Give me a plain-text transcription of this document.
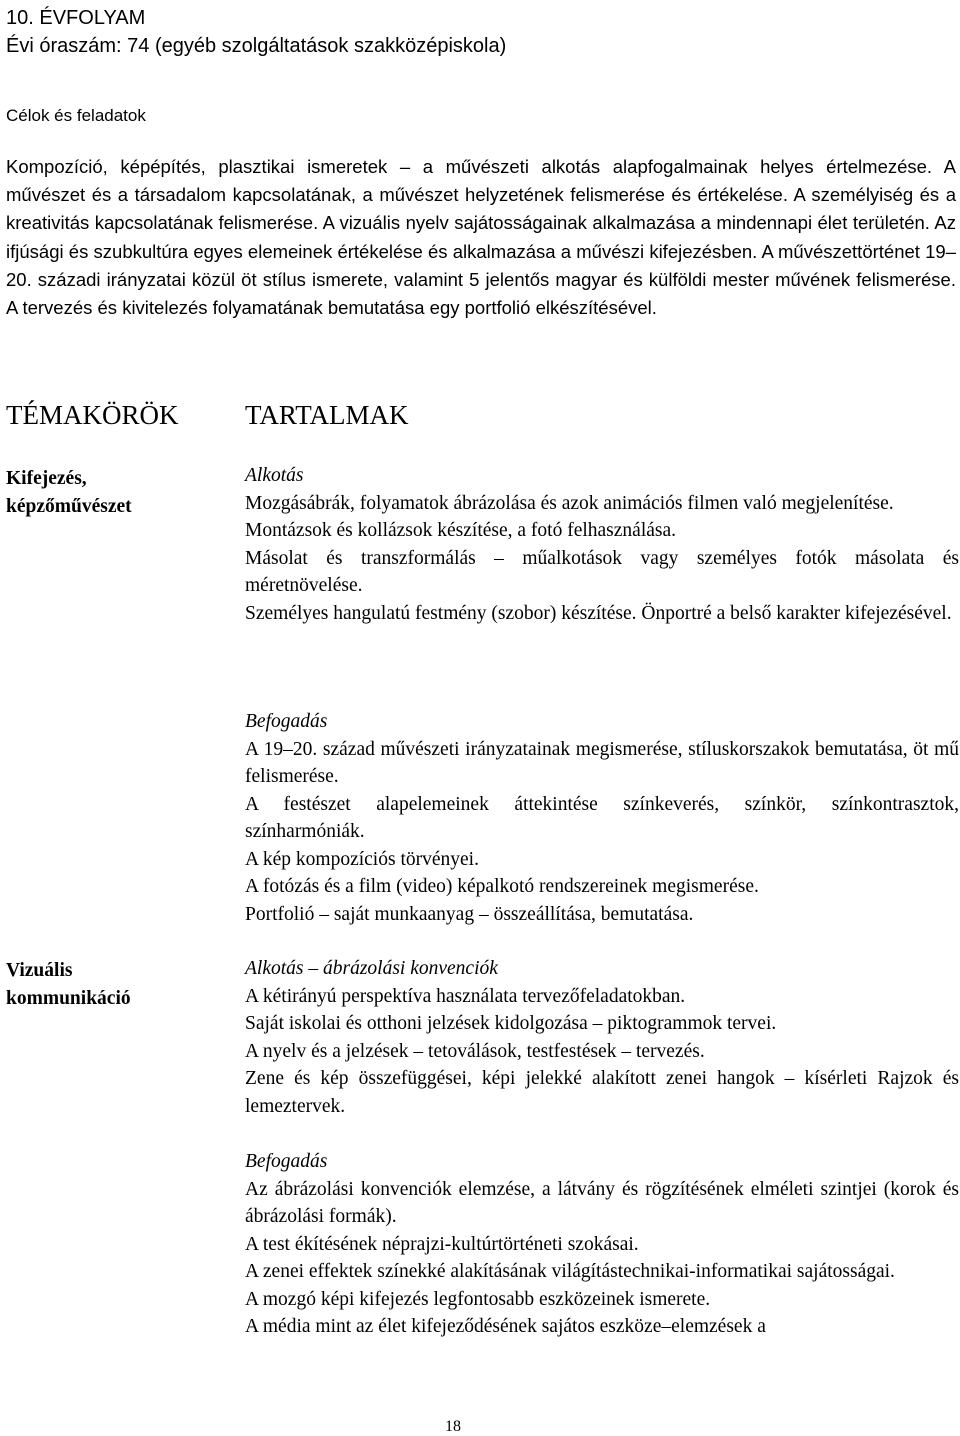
10. ÉVFOLYAM
Évi óraszám: 74 (egyéb szolgáltatások szakközépiskola)
Célok és feladatok
Kompozíció, képépítés, plasztikai ismeretek – a művészeti alkotás alapfogalmainak helyes értelmezése. A művészet és a társadalom kapcsolatának, a művészet helyzetének felismerése és értékelése. A személyiség és a kreativitás kapcsolatának felismerése. A vizuális nyelv sajátosságainak alkalmazása a mindennapi élet területén. Az ifjúsági és szubkultúra egyes elemeinek értékelése és alkalmazása a művészi kifejezésben. A művészettörténet 19–20. századi irányzatai közül öt stílus ismerete, valamint 5 jelentős magyar és külföldi mester művének felismerése. A tervezés és kivitelezés folyamatának bemutatása egy portfolió elkészítésével.
TÉMAKÖRÖK	TARTALMAK
Kifejezés, képzőművészet
Vizuális kommunikáció
Alkotás
Mozgásábrák, folyamatok ábrázolása és azok animációs filmen való megjelenítése.
Montázsok és kollázsok készítése, a fotó felhasználása.
Másolat és transzformálás – műalkotások vagy személyes fotók másolata és méretnövelése.
Személyes hangulatú festmény (szobor) készítése. Önportré a belső karakter kifejezésével.
Befogadás
A 19–20. század művészeti irányzatainak megismerése, stíluskorszakok bemutatása, öt mű felismerése.
A festészet alapelemeinek áttekintése színkeverés, színkör, színkontrasztok, színharmóniák.
A kép kompozíciós törvényei.
A fotózás és a film (video) képalkotó rendszereinek megismerése.
Portfolió – saját munkaanyag – összeállítása, bemutatása.
Alkotás – ábrázolási konvenciók
A kétirányú perspektíva használata tervezőfeladatokban.
Saját iskolai és otthoni jelzések kidolgozása – piktogrammok tervei.
A nyelv és a jelzések – tetoválások, testfestések – tervezés.
Zene és kép összefüggései, képi jelekké alakított zenei hangok – kísérleti Rajzok és lemeztervek.
Befogadás
Az ábrázolási konvenciók elemzése, a látvány és rögzítésének elméleti szintjei (korok és ábrázolási formák).
A test ékítésének néprajzi-kultúrtörténeti szokásai.
A zenei effektek színekké alakításának világítástechnikai-informatikai sajátosságai.
A mozgó képi kifejezés legfontosabb eszközeinek ismerete.
A média mint az élet kifejeződésének sajátos eszköze–elemzések a
18
